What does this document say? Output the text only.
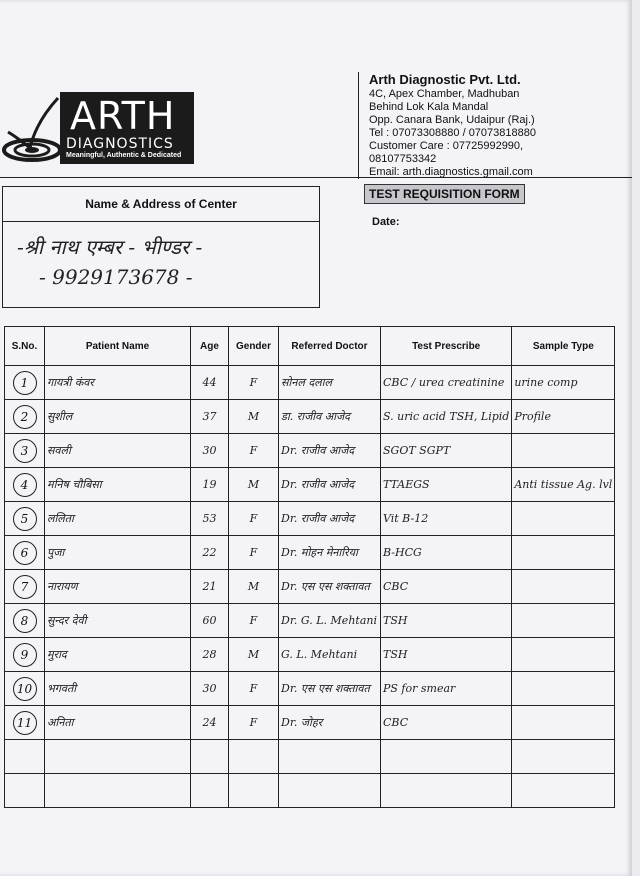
ARTH
DIAGNOSTICS
Meaningful, Authentic & Dedicated
Arth Diagnostic Pvt. Ltd.
4C, Apex Chamber, Madhuban
Behind Lok Kala Mandal
Opp. Canara Bank, Udaipur (Raj.)
Tel : 07073308880 / 07073818880
Customer Care : 07725992990, 08107753342
Email: arth.diagnostics.gmail.com
Name & Address of Center
-श्री नाथ एम्बर - भीण्डर -
- 9929173678 -
TEST REQUISITION FORM
Date:
S.No.	Patient Name	Age	Gender	Referred Doctor	Test Prescribe	Sample Type
1	गायत्री कंवर	44	F	सोनल दलाल	CBC / urea creatinine	urine comp
2	सुशील	37	M	डा. राजीव आजेद	S. uric acid TSH, Lipid	Profile
3	सवली	30	F	Dr. राजीव आजेद	SGOT SGPT	
4	मनिष चौबिसा	19	M	Dr. राजीव आजेद	TTAEGS	Anti tissue Ag. lvl
5	ललिता	53	F	Dr. राजीव आजेद	Vit B-12	
6	पुजा	22	F	Dr. मोहन मेनारिया	B-HCG	
7	नारायण	21	M	Dr. एस एस शक्तावत	CBC	
8	सुन्दर देवी	60	F	Dr. G. L. Mehtani	TSH	
9	मुराद	28	M	G. L. Mehtani	TSH	
10	भगवती	30	F	Dr. एस एस शक्तावत	PS for smear	
11	अनिता	24	F	Dr. जोहर	CBC	
